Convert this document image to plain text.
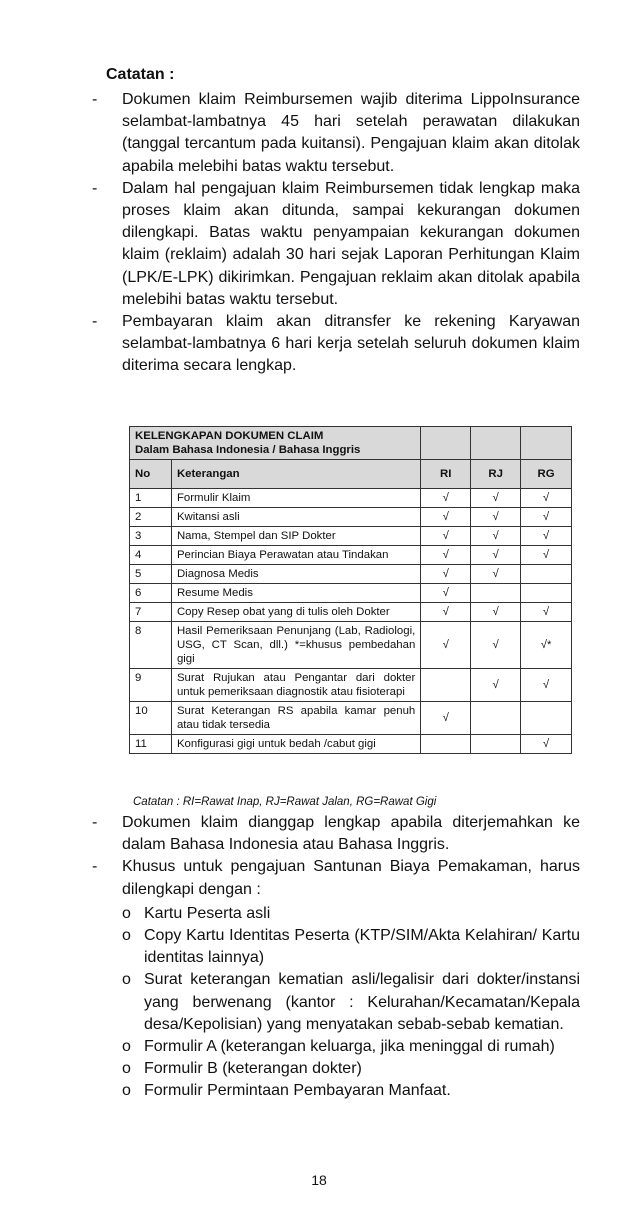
Catatan :
-	Dokumen klaim Reimbursemen wajib diterima LippoInsurance selambat-lambatnya 45 hari setelah perawatan dilakukan (tanggal tercantum pada kuitansi). Pengajuan klaim akan ditolak apabila melebihi batas waktu tersebut.
-	Dalam hal pengajuan klaim Reimbursemen tidak lengkap maka proses klaim akan ditunda, sampai kekurangan dokumen dilengkapi. Batas waktu penyampaian kekurangan dokumen klaim (reklaim) adalah 30 hari sejak Laporan Perhitungan Klaim (LPK/E-LPK) dikirimkan. Pengajuan reklaim akan ditolak apabila melebihi batas waktu tersebut.
-	Pembayaran klaim akan ditransfer ke rekening Karyawan selambat-lambatnya 6 hari kerja setelah seluruh dokumen klaim diterima secara lengkap.
KELENGKAPAN DOKUMEN CLAIM
Dalam Bahasa Indonesia / Bahasa Inggris				

No	Keterangan	RI	RJ	RG
1	Formulir Klaim	√	√	√
2	Kwitansi asli	√	√	√
3	Nama, Stempel dan SIP Dokter	√	√	√
4	Perincian Biaya Perawatan atau Tindakan	√	√	√
5	Diagnosa Medis	√	√	
6	Resume Medis	√		
7	Copy Resep obat yang di tulis oleh Dokter	√	√	√
8	Hasil Pemeriksaan Penunjang (Lab, Radiologi, USG, CT Scan, dll.) *=khusus pembedahan gigi	√	√	√*
9	Surat Rujukan atau Pengantar dari dokter untuk pemeriksaan diagnostik atau fisioterapi		√	√
10	Surat Keterangan RS apabila kamar penuh atau tidak tersedia	√		
11	Konfigurasi gigi untuk bedah /cabut gigi			√
Catatan : RI=Rawat Inap, RJ=Rawat Jalan, RG=Rawat Gigi
-	Dokumen klaim dianggap lengkap apabila diterjemahkan ke dalam Bahasa Indonesia atau Bahasa Inggris.
-	Khusus untuk pengajuan Santunan Biaya Pemakaman, harus dilengkapi dengan :
o Kartu Peserta asli
o Copy Kartu Identitas Peserta (KTP/SIM/Akta Kelahiran/ Kartu identitas lainnya)
o Surat keterangan kematian asli/legalisir dari dokter/instansi yang berwenang (kantor : Kelurahan/Kecamatan/Kepala desa/Kepolisian) yang menyatakan sebab-sebab kematian.
o Formulir A (keterangan keluarga, jika meninggal di rumah)
o Formulir B (keterangan dokter)
o Formulir Permintaan Pembayaran Manfaat.
18
